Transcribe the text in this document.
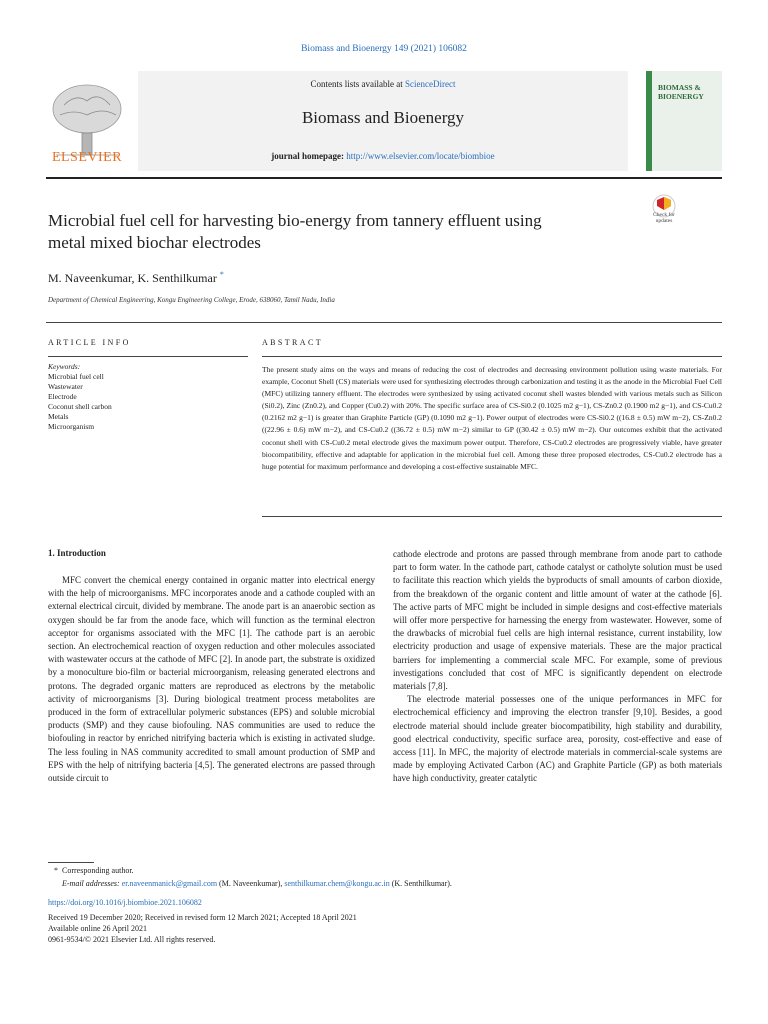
Biomass and Bioenergy 149 (2021) 106082
ELSEVIER
Contents lists available at ScienceDirect
Biomass and Bioenergy
journal homepage: http://www.elsevier.com/locate/biombioe
BIOMASS &
BIOENERGY
Microbial fuel cell for harvesting bio-energy from tannery effluent using
metal mixed biochar electrodes
Check for
updates
M. Naveenkumar, K. Senthilkumar *
Department of Chemical Engineering, Kongu Engineering College, Erode, 638060, Tamil Nadu, India
ARTICLE INFO
Keywords:
Microbial fuel cell
Wastewater
Electrode
Coconut shell carbon
Metals
Microorganism
ABSTRACT
The present study aims on the ways and means of reducing the cost of electrodes and decreasing environment pollution using waste materials. For example, Coconut Shell (CS) materials were used for synthesizing electrodes through carbonization and testing it as the anode in the Microbial Fuel Cell (MFC) utilizing tannery effluent. The electrodes were synthesized by using activated coconut shell wastes blended with various metals such as Silicon (Si0.2), Zinc (Zn0.2), and Copper (Cu0.2) with 20%. The specific surface area of CS-Si0.2 (0.1025 m2 g−1), CS-Zn0.2 (0.1900 m2 g−1), and CS-Cu0.2 (0.2162 m2 g−1) is greater than Graphite Particle (GP) (0.1090 m2 g−1). Power output of electrodes were CS-Si0.2 ((16.8 ± 0.5) mW m−2), CS-Zn0.2 ((22.96 ± 0.6) mW m−2), and CS-Cu0.2 ((36.72 ± 0.5) mW m−2) similar to GP ((30.42 ± 0.5) mW m−2). Our outcomes exhibit that the activated coconut shell with CS-Cu0.2 metal electrode gives the maximum power output. Therefore, CS-Cu0.2 electrodes are progressively viable, have greater biocompatibility, effective and adaptable for application in the microbial fuel cell. Among these three proposed electrodes, CS-Cu0.2 electrode has a huge potential for maximum performance and developing a cost-effective sustainable MFC.
1. Introduction

MFC convert the chemical energy contained in organic matter into electrical energy with the help of microorganisms. MFC incorporates anode and a cathode coupled with an external electrical circuit, divided by membrane. The anode part is an anaerobic section as oxygen should be far from the anode face, which will function as the terminal electron acceptor for organisms associated with the MFC [1]. The cathode part is an aerobic section. An electrochemical reaction of oxygen reduction and other molecules associated with wastewater occurs at the cathode of MFC [2]. In anode part, the substrate is oxidized by a monoculture bio-film or bacterial microorganism, releasing generated electrons and protons. The degraded organic matters are reproduced as electrons by the metabolic activity of microorganisms [3]. During biological treatment process metabolites are produced in the form of extracellular polymeric substances (EPS) and soluble microbial products (SMP) and they cause biofouling. NAS communities are used to reduce the biofouling in reactor by enriched nitrifying bacteria which is existing in activated sludge. The less fouling in NAS community accredited to small amount production of SMP and EPS with the help of nitrifying bacteria [4,5]. The generated electrons are passed through outside circuit to

cathode electrode and protons are passed through membrane from anode part to cathode part to form water. In the cathode part, cathode catalyst or catholyte solution must be used to facilitate this reaction which yields the byproducts of small amounts of carbon dioxide, from the breakdown of the organic content and little amount of water at the cathode [6]. The active parts of MFC might be included in simple designs and cost-effective materials will offer more perspective for harnessing the energy from wastewater. However, some of the drawbacks of microbial fuel cells are high internal resistance, current instability, low electricity production and usage of expensive materials. These are the major practical barriers for implementing a commercial scale MFC. For example, some of previous investigations concluded that cost of MFC is significantly dependent on electrode materials [7,8].

The electrode material possesses one of the unique performances in MFC for electrochemical efficiency and improving the electron transfer [9,10]. Besides, a good electrode material should include greater biocompatibility, high stability and durability, good electrical conductivity, specific surface area, porosity, cost-effective and ease of access [11]. In MFC, the majority of electrode materials in commercial-scale systems are made by employing Activated Carbon (AC) and Graphite Particle (GP) as both materials have high conductivity, greater catalytic

* Corresponding author.
E-mail addresses: er.naveenmanick@gmail.com (M. Naveenkumar), senthilkumar.chem@kongu.ac.in (K. Senthilkumar).
https://doi.org/10.1016/j.biombioe.2021.106082
Received 19 December 2020; Received in revised form 12 March 2021; Accepted 18 April 2021
Available online 26 April 2021
0961-9534/© 2021 Elsevier Ltd. All rights reserved.
